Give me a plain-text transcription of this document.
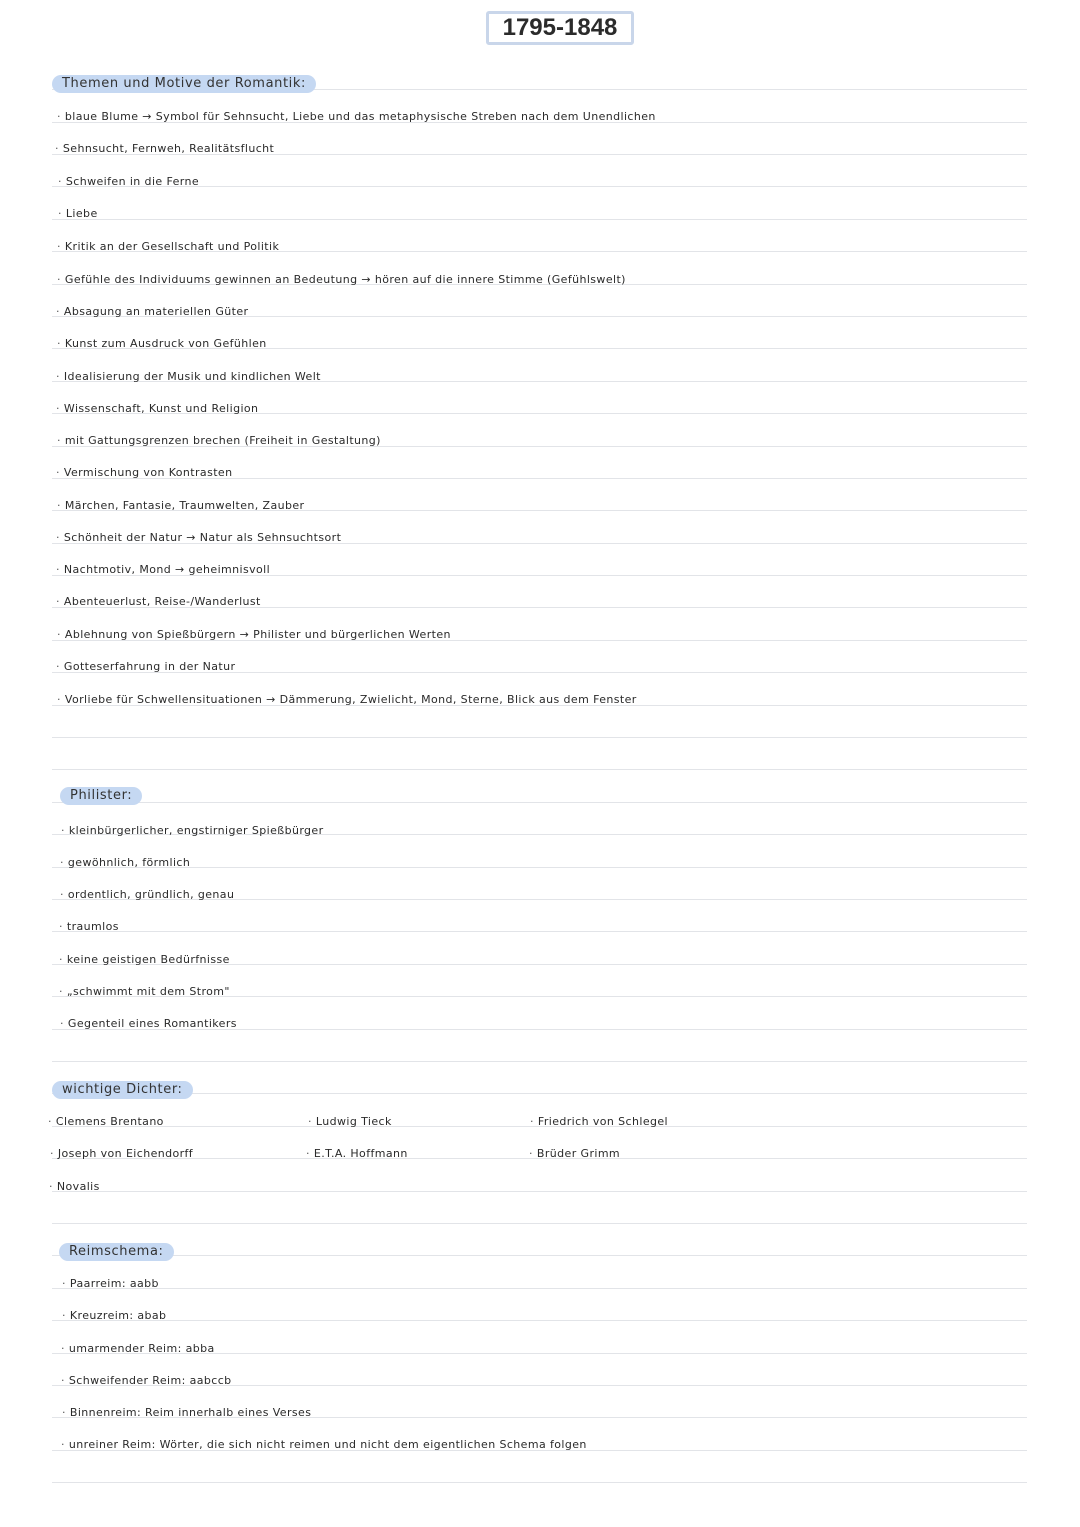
1795-1848
Themen und Motive der Romantik:
· blaue Blume → Symbol für Sehnsucht, Liebe und das metaphysische Streben nach dem Unendlichen
· Sehnsucht, Fernweh, Realitätsflucht
· Schweifen in die Ferne
· Liebe
· Kritik an der Gesellschaft und Politik
· Gefühle des Individuums gewinnen an Bedeutung → hören auf die innere Stimme (Gefühlswelt)
· Absagung an materiellen Güter
· Kunst zum Ausdruck von Gefühlen
· Idealisierung der Musik und kindlichen Welt
· Wissenschaft, Kunst und Religion
· mit Gattungsgrenzen brechen (Freiheit in Gestaltung)
· Vermischung von Kontrasten
· Märchen, Fantasie, Traumwelten, Zauber
· Schönheit der Natur → Natur als Sehnsuchtsort
· Nachtmotiv, Mond → geheimnisvoll
· Abenteuerlust, Reise-/Wanderlust
· Ablehnung von Spießbürgern → Philister und bürgerlichen Werten
· Gotteserfahrung in der Natur
· Vorliebe für Schwellensituationen → Dämmerung, Zwielicht, Mond, Sterne, Blick aus dem Fenster
Philister:
· kleinbürgerlicher, engstirniger Spießbürger
· gewöhnlich, förmlich
· ordentlich, gründlich, genau
· traumlos
· keine geistigen Bedürfnisse
· „schwimmt mit dem Strom"
· Gegenteil eines Romantikers
wichtige Dichter:
· Clemens Brentano	· Ludwig Tieck	· Friedrich von Schlegel
· Joseph von Eichendorff	· E.T.A. Hoffmann	· Brüder Grimm
· Novalis
Reimschema:
· Paarreim: aabb
· Kreuzreim: abab
· umarmender Reim: abba
· Schweifender Reim: aabccb
· Binnenreim: Reim innerhalb eines Verses
· unreiner Reim: Wörter, die sich nicht reimen und nicht dem eigentlichen Schema folgen
